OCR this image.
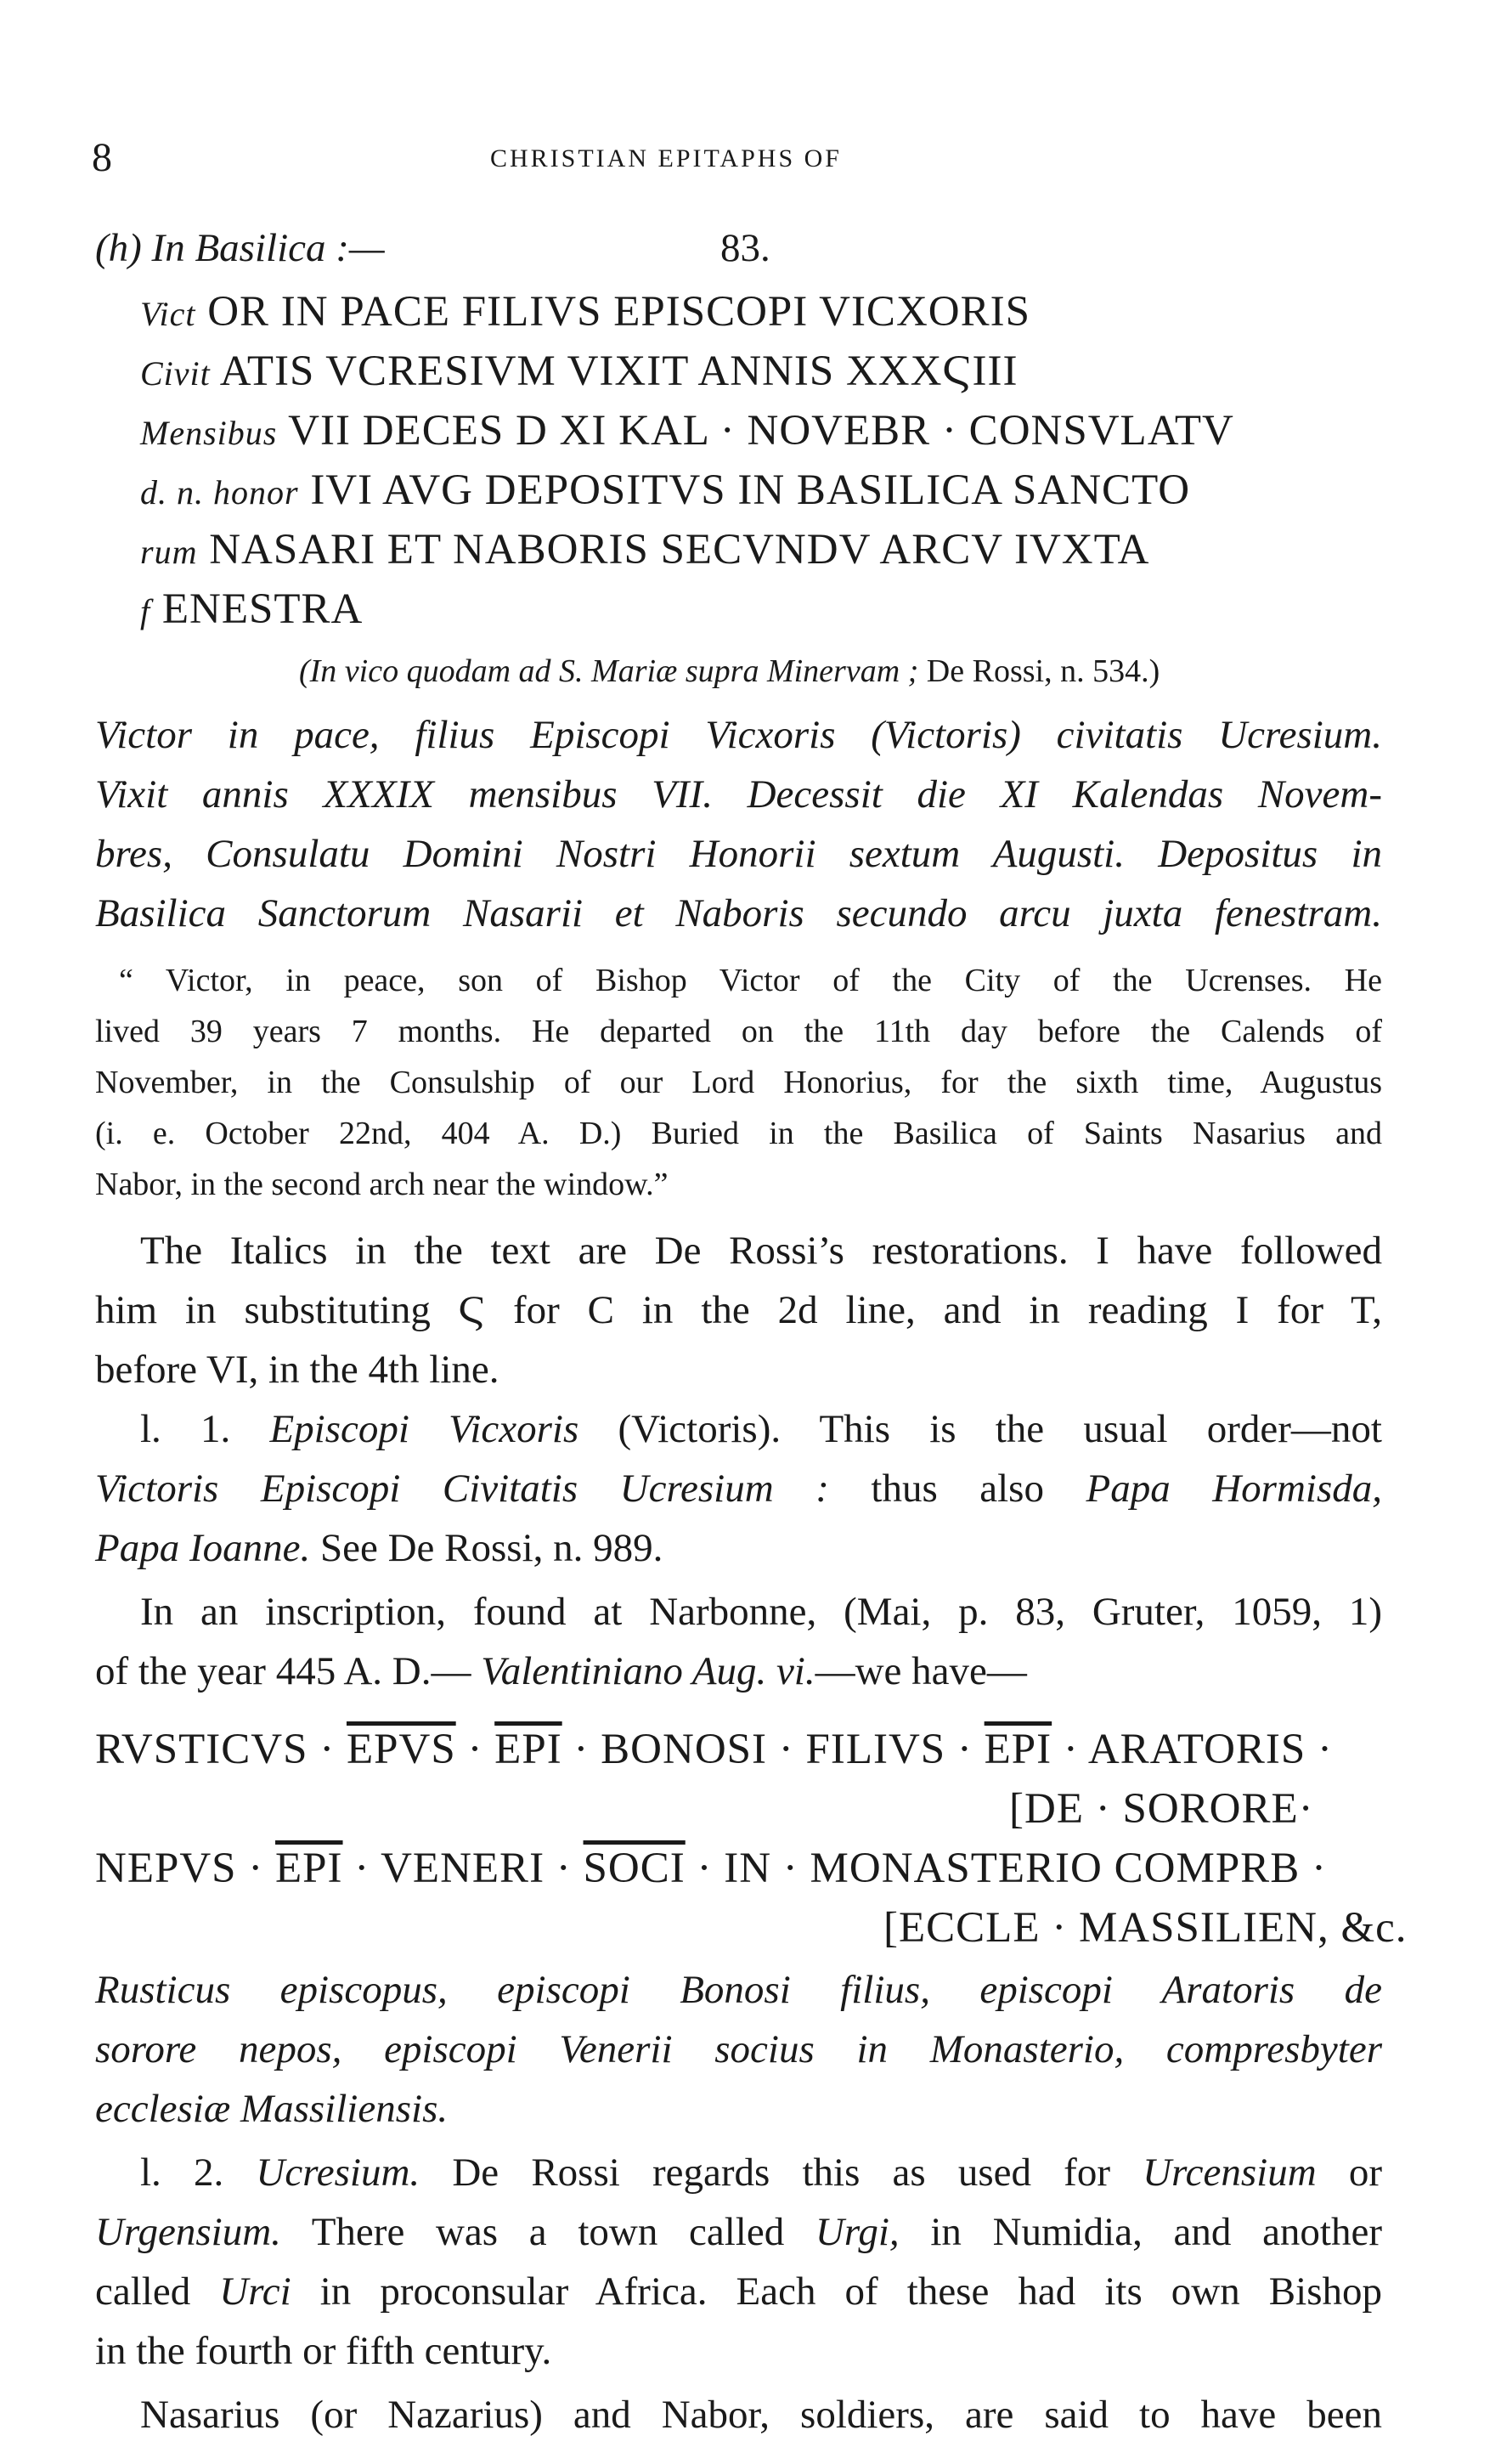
8	CHRISTIAN EPITAPHS OF
(h) In Basilica :—	83.
Vict OR IN PACE FILIVS EPISCOPI VICXORIS
Civit ATIS VCRESIVM VIXIT ANNIS XXXϚIII
Mensibus VII DECES D XI KAL · NOVEBR · CONSVLATV
d. n. honor IVI AVG DEPOSITVS IN BASILICA SANCTO
rum NASARI ET NABORIS SECVNDV ARCV IVXTA
f ENESTRA
(In vico quodam ad S. Mariæ supra Minervam ; De Rossi, n. 534.)
Victor in pace, filius Episcopi Vicxoris (Victoris) civitatis Ucresium.
Vixit annis XXXIX mensibus VII. Decessit die XI Kalendas Novem-
bres, Consulatu Domini Nostri Honorii sextum Augusti. Depositus in
Basilica Sanctorum Nasarii et Naboris secundo arcu juxta fenestram.
“ Victor, in peace, son of Bishop Victor of the City of the Ucrenses. He
lived 39 years 7 months. He departed on the 11th day before the Calends of
November, in the Consulship of our Lord Honorius, for the sixth time, Augustus
(i. e. October 22nd, 404 A. D.) Buried in the Basilica of Saints Nasarius and
Nabor, in the second arch near the window.”
The Italics in the text are De Rossi’s restorations. I have followed
him in substituting Ϛ for C in the 2d line, and in reading I for T,
before VI, in the 4th line.
l. 1. Episcopi Vicxoris (Victoris). This is the usual order—not
Victoris Episcopi Civitatis Ucresium : thus also Papa Hormisda,
Papa Ioanne. See De Rossi, n. 989.
In an inscription, found at Narbonne, (Mai, p. 83, Gruter, 1059, 1)
of the year 445 A. D.— Valentiniano Aug. vi.—we have—
RVSTICVS · EPVS · $\overline{EPI}$ · BONOSI · FILIVS · $\overline{EPI}$ · ARATORIS ·
[DE · SORORE·
NEPVS · $\overline{EPI}$ · VENERI · SOCI · IN · MONASTERIO COMPRB ·
[ECCLE · MASSILIEN, &c.
Rusticus episcopus, episcopi Bonosi filius, episcopi Aratoris de
sorore nepos, episcopi Venerii socius in Monasterio, compresbyter
ecclesiæ Massiliensis.
l. 2. Ucresium. De Rossi regards this as used for Urcensium or
Urgensium. There was a town called Urgi, in Numidia, and another
called Urci in proconsular Africa. Each of these had its own Bishop
in the fourth or fifth century.
Nasarius (or Nazarius) and Nabor, soldiers, are said to have been
